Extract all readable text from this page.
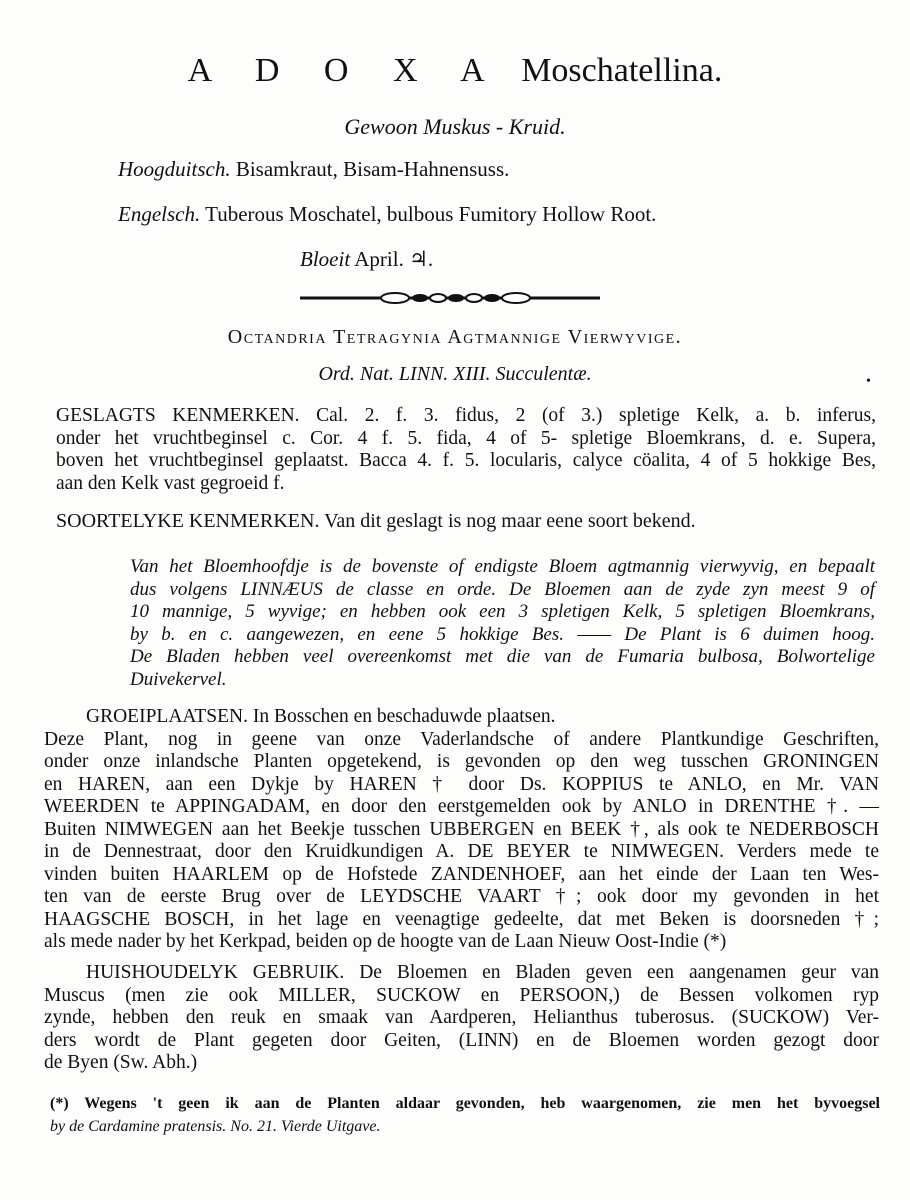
A D O X A Moschatellina.
Gewoon Muskus - Kruid.
Hoogduitsch. Bisamkraut, Bisam-Hahnensuss.
Engelsch. Tuberous Moschatel, bulbous Fumitory Hollow Root.
Bloeit April. ♃.
Octandria Tetragynia Agtmannige Vierwyvige.
Ord. Nat. LINN. XIII. Succulentæ.	•
GESLAGTS KENMERKEN. Cal. 2. f. 3. fidus, 2 (of 3.) spletige Kelk, a. b. inferus,
onder het vruchtbeginsel c. Cor. 4 f. 5. fida, 4 of 5- spletige Bloemkrans, d. e. Supera,
boven het vruchtbeginsel geplaatst. Bacca 4. f. 5. locularis, calyce cöalita, 4 of 5 hokkige Bes,
aan den Kelk vast gegroeid f.
SOORTELYKE KENMERKEN. Van dit geslagt is nog maar eene soort bekend.
Van het Bloemhoofdje is de bovenste of endigste Bloem agtmannig vierwyvig, en bepaalt
dus volgens LINNÆUS de classe en orde. De Bloemen aan de zyde zyn meest 9 of
10 mannige, 5 wyvige; en hebben ook een 3 spletigen Kelk, 5 spletigen Bloemkrans,
by b. en c. aangewezen, en eene 5 hokkige Bes. —— De Plant is 6 duimen hoog.
De Bladen hebben veel overeenkomst met die van de Fumaria bulbosa, Bolwortelige
Duivekervel.
GROEIPLAATSEN. In Bosschen en beschaduwde plaatsen.
Deze Plant, nog in geene van onze Vaderlandsche of andere Plantkundige Geschriften,
onder onze inlandsche Planten opgetekend, is gevonden op den weg tusschen GRONINGEN
en HAREN, aan een Dykje by HAREN † door Ds. KOPPIUS te ANLO, en Mr. VAN
WEERDEN te APPINGADAM, en door den eerstgemelden ook by ANLO in DRENTHE †. —
Buiten NIMWEGEN aan het Beekje tusschen UBBERGEN en BEEK †, als ook te NEDERBOSCH
in de Dennestraat, door den Kruidkundigen A. DE BEYER te NIMWEGEN. Verders mede te
vinden buiten HAARLEM op de Hofstede ZANDENHOEF, aan het einde der Laan ten Wes-
ten van de eerste Brug over de LEYDSCHE VAART †; ook door my gevonden in het
HAAGSCHE BOSCH, in het lage en veenagtige gedeelte, dat met Beken is doorsneden †;
als mede nader by het Kerkpad, beiden op de hoogte van de Laan Nieuw Oost-Indie (*)
HUISHOUDELYK GEBRUIK. De Bloemen en Bladen geven een aangenamen geur van
Muscus (men zie ook MILLER, SUCKOW en PERSOON,) de Bessen volkomen ryp
zynde, hebben den reuk en smaak van Aardperen, Helianthus tuberosus. (SUCKOW) Ver-
ders wordt de Plant gegeten door Geiten, (LINN) en de Bloemen worden gezogt door
de Byen (Sw. Abh.)
(*) Wegens 't geen ik aan de Planten aldaar gevonden, heb waargenomen, zie men het byvoegsel
by de Cardamine pratensis. No. 21. Vierde Uitgave.
